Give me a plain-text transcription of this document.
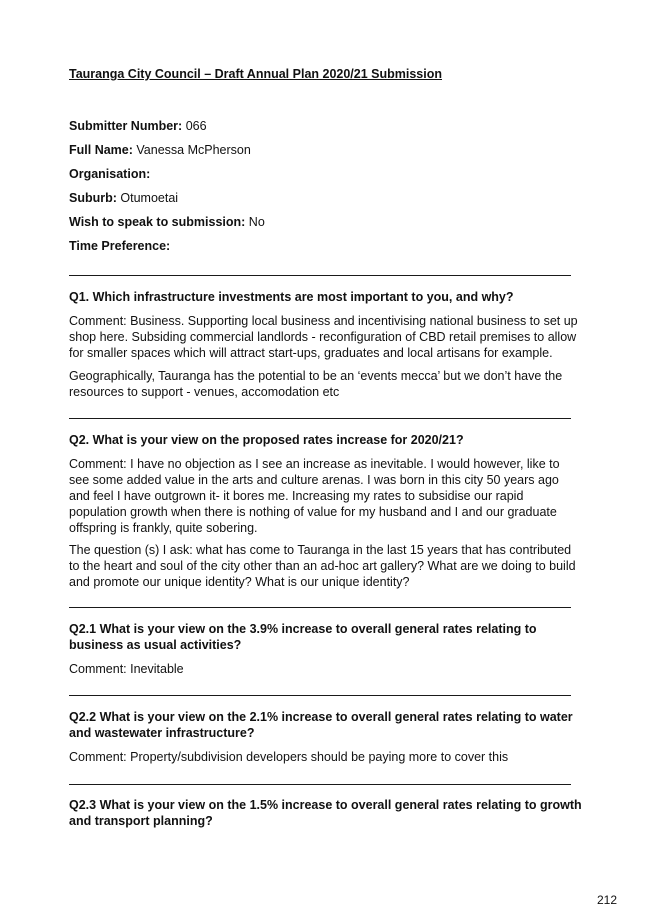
Tauranga City Council – Draft Annual Plan 2020/21 Submission
Submitter Number: 066
Full Name: Vanessa McPherson
Organisation:
Suburb: Otumoetai
Wish to speak to submission: No
Time Preference:
Q1. Which infrastructure investments are most important to you, and why?
Comment: Business. Supporting local business and incentivising national business to set up shop here. Subsiding commercial landlords - reconfiguration of CBD retail premises to allow for smaller spaces which will attract start-ups, graduates and local artisans for example.
Geographically, Tauranga has the potential to be an ‘events mecca’ but we don’t have the resources to support - venues, accomodation etc
Q2. What is your view on the proposed rates increase for 2020/21?
Comment: I have no objection as I see an increase as inevitable. I would however, like to see some added value in the arts and culture arenas. I was born in this city 50 years ago and feel I have outgrown it- it bores me. Increasing my rates to subsidise our rapid population growth when there is nothing of value for my husband and I and our graduate offspring is frankly, quite sobering.
The question (s) I ask: what has come to Tauranga in the last 15 years that has contributed to the heart and soul of the city other than an ad-hoc art gallery? What are we doing to build and promote our unique identity? What is our unique identity?
Q2.1 What is your view on the 3.9% increase to overall general rates relating to business as usual activities?
Comment: Inevitable
Q2.2 What is your view on the 2.1% increase to overall general rates relating to water and wastewater infrastructure?
Comment: Property/subdivision developers should be paying more to cover this
Q2.3 What is your view on the 1.5% increase to overall general rates relating to growth and transport planning?
212
